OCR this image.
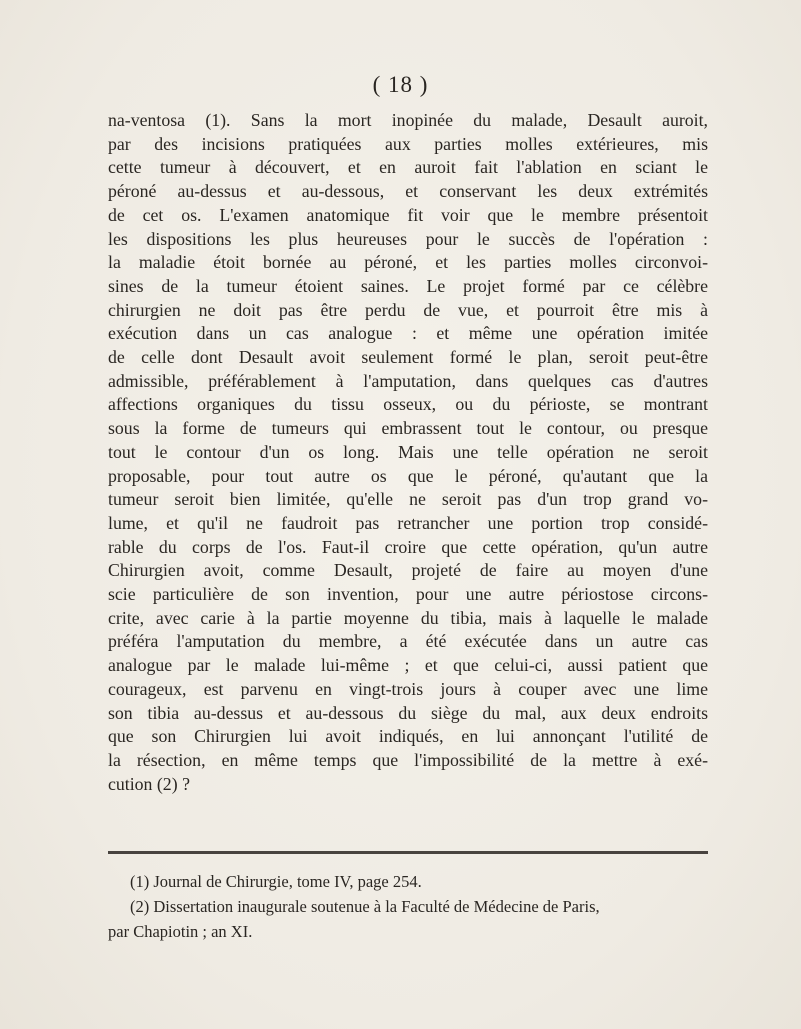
( 18 )
na-ventosa (1). Sans la mort inopinée du malade, Desault auroit,
par des incisions pratiquées aux parties molles extérieures, mis
cette tumeur à découvert, et en auroit fait l'ablation en sciant le
péroné au-dessus et au-dessous, et conservant les deux extrémités
de cet os. L'examen anatomique fit voir que le membre présentoit
les dispositions les plus heureuses pour le succès de l'opération :
la maladie étoit bornée au péroné, et les parties molles circonvoi-
sines de la tumeur étoient saines. Le projet formé par ce célèbre
chirurgien ne doit pas être perdu de vue, et pourroit être mis à
exécution dans un cas analogue : et même une opération imitée
de celle dont Desault avoit seulement formé le plan, seroit peut-être
admissible, préférablement à l'amputation, dans quelques cas d'autres
affections organiques du tissu osseux, ou du périoste, se montrant
sous la forme de tumeurs qui embrassent tout le contour, ou presque
tout le contour d'un os long. Mais une telle opération ne seroit
proposable, pour tout autre os que le péroné, qu'autant que la
tumeur seroit bien limitée, qu'elle ne seroit pas d'un trop grand vo-
lume, et qu'il ne faudroit pas retrancher une portion trop considé-
rable du corps de l'os. Faut-il croire que cette opération, qu'un autre
Chirurgien avoit, comme Desault, projeté de faire au moyen d'une
scie particulière de son invention, pour une autre périostose circons-
crite, avec carie à la partie moyenne du tibia, mais à laquelle le malade
préféra l'amputation du membre, a été exécutée dans un autre cas
analogue par le malade lui-même ; et que celui-ci, aussi patient que
courageux, est parvenu en vingt-trois jours à couper avec une lime
son tibia au-dessus et au-dessous du siège du mal, aux deux endroits
que son Chirurgien lui avoit indiqués, en lui annonçant l'utilité de
la résection, en même temps que l'impossibilité de la mettre à exé-
cution (2) ?
(1) Journal de Chirurgie, tome IV, page 254.
(2) Dissertation inaugurale soutenue à la Faculté de Médecine de Paris,
par Chapiotin ; an XI.
